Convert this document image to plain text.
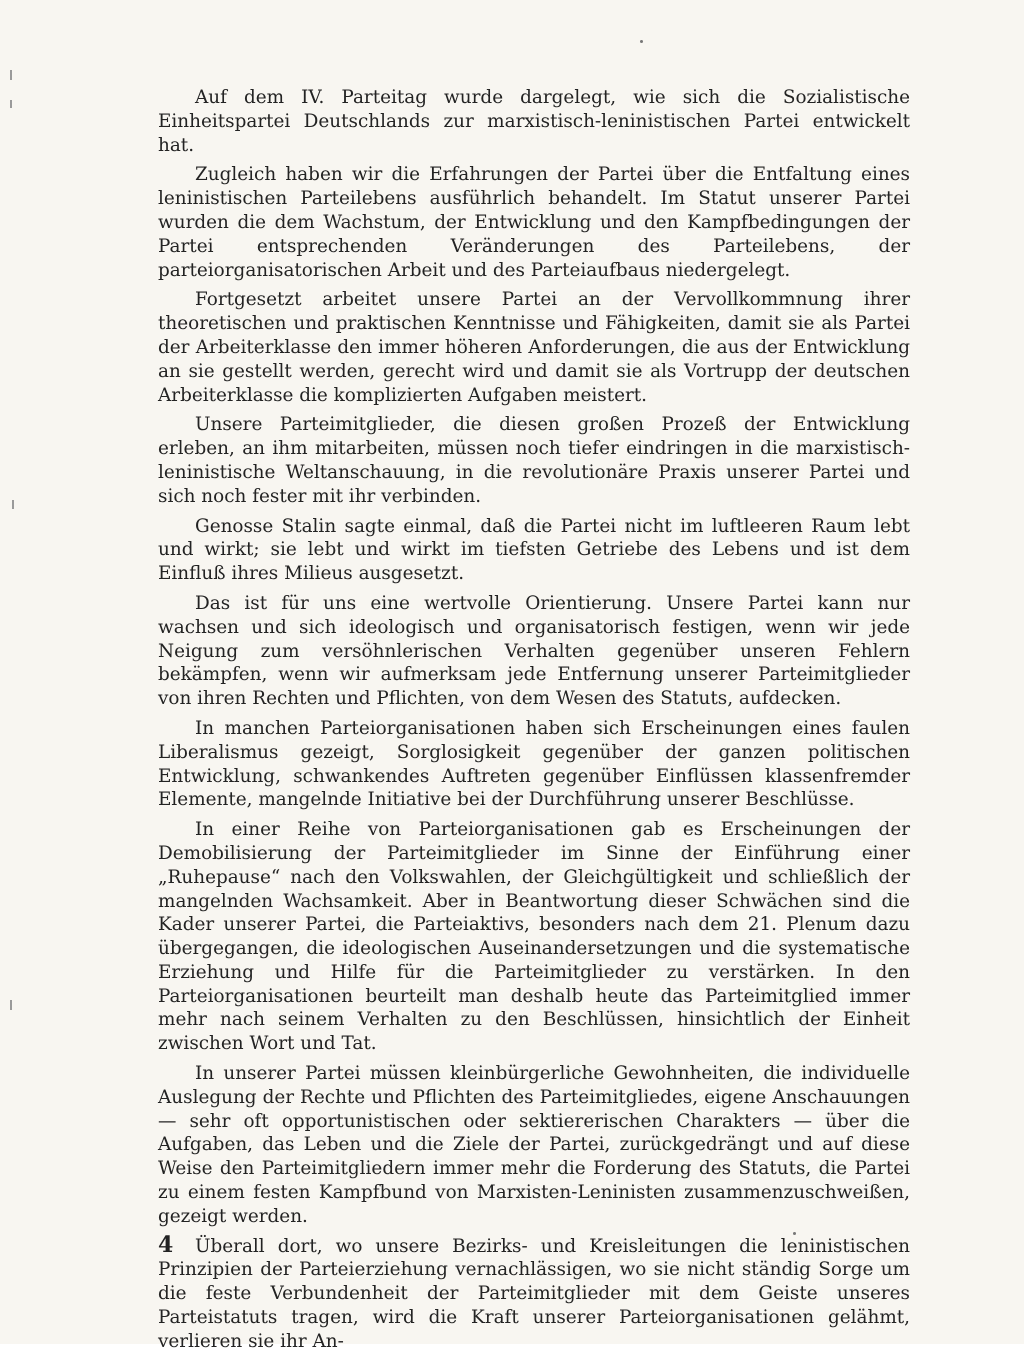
Auf dem IV. Parteitag wurde dargelegt, wie sich die Sozialistische Einheitspartei Deutschlands zur marxistisch-leninistischen Partei entwickelt hat.

Zugleich haben wir die Erfahrungen der Partei über die Entfaltung eines leninistischen Parteilebens ausführlich behandelt. Im Statut unserer Partei wurden die dem Wachstum, der Entwicklung und den Kampfbedingungen der Partei entsprechenden Veränderungen des Parteilebens, der parteiorganisatorischen Arbeit und des Parteiaufbaus niedergelegt.

Fortgesetzt arbeitet unsere Partei an der Vervollkommnung ihrer theoretischen und praktischen Kenntnisse und Fähigkeiten, damit sie als Partei der Arbeiterklasse den immer höheren Anforderungen, die aus der Entwicklung an sie gestellt werden, gerecht wird und damit sie als Vortrupp der deutschen Arbeiterklasse die komplizierten Aufgaben meistert.

Unsere Parteimitglieder, die diesen großen Prozeß der Entwicklung erleben, an ihm mitarbeiten, müssen noch tiefer eindringen in die marxistisch-leninistische Weltanschauung, in die revolutionäre Praxis unserer Partei und sich noch fester mit ihr verbinden.

Genosse Stalin sagte einmal, daß die Partei nicht im luftleeren Raum lebt und wirkt; sie lebt und wirkt im tiefsten Getriebe des Lebens und ist dem Einfluß ihres Milieus ausgesetzt.

Das ist für uns eine wertvolle Orientierung. Unsere Partei kann nur wachsen und sich ideologisch und organisatorisch festigen, wenn wir jede Neigung zum versöhnlerischen Verhalten gegenüber unseren Fehlern bekämpfen, wenn wir aufmerksam jede Entfernung unserer Parteimitglieder von ihren Rechten und Pflichten, von dem Wesen des Statuts, aufdecken.

In manchen Parteiorganisationen haben sich Erscheinungen eines faulen Liberalismus gezeigt, Sorglosigkeit gegenüber der ganzen politischen Entwicklung, schwankendes Auftreten gegenüber Einflüssen klassenfremder Elemente, mangelnde Initiative bei der Durchführung unserer Beschlüsse.

In einer Reihe von Parteiorganisationen gab es Erscheinungen der Demobilisierung der Parteimitglieder im Sinne der Einführung einer „Ruhepause“ nach den Volkswahlen, der Gleichgültigkeit und schließlich der mangelnden Wachsamkeit. Aber in Beantwortung dieser Schwächen sind die Kader unserer Partei, die Parteiaktivs, besonders nach dem 21. Plenum dazu übergegangen, die ideologischen Auseinandersetzungen und die systematische Erziehung und Hilfe für die Parteimitglieder zu verstärken. In den Parteiorganisationen beurteilt man deshalb heute das Parteimitglied immer mehr nach seinem Verhalten zu den Beschlüssen, hinsichtlich der Einheit zwischen Wort und Tat.

In unserer Partei müssen kleinbürgerliche Gewohnheiten, die individuelle Auslegung der Rechte und Pflichten des Parteimitgliedes, eigene Anschauungen — sehr oft opportunistischen oder sektiererischen Charakters — über die Aufgaben, das Leben und die Ziele der Partei, zurückgedrängt und auf diese Weise den Parteimitgliedern immer mehr die Forderung des Statuts, die Partei zu einem festen Kampfbund von Marxisten-Leninisten zusammenzuschweißen, gezeigt werden.

Überall dort, wo unsere Bezirks- und Kreisleitungen die leninistischen Prinzipien der Parteierziehung vernachlässigen, wo sie nicht ständig Sorge um die feste Verbundenheit der Parteimitglieder mit dem Geiste unseres Parteistatuts tragen, wird die Kraft unserer Parteiorganisationen gelähmt, verlieren sie ihr An-

4
